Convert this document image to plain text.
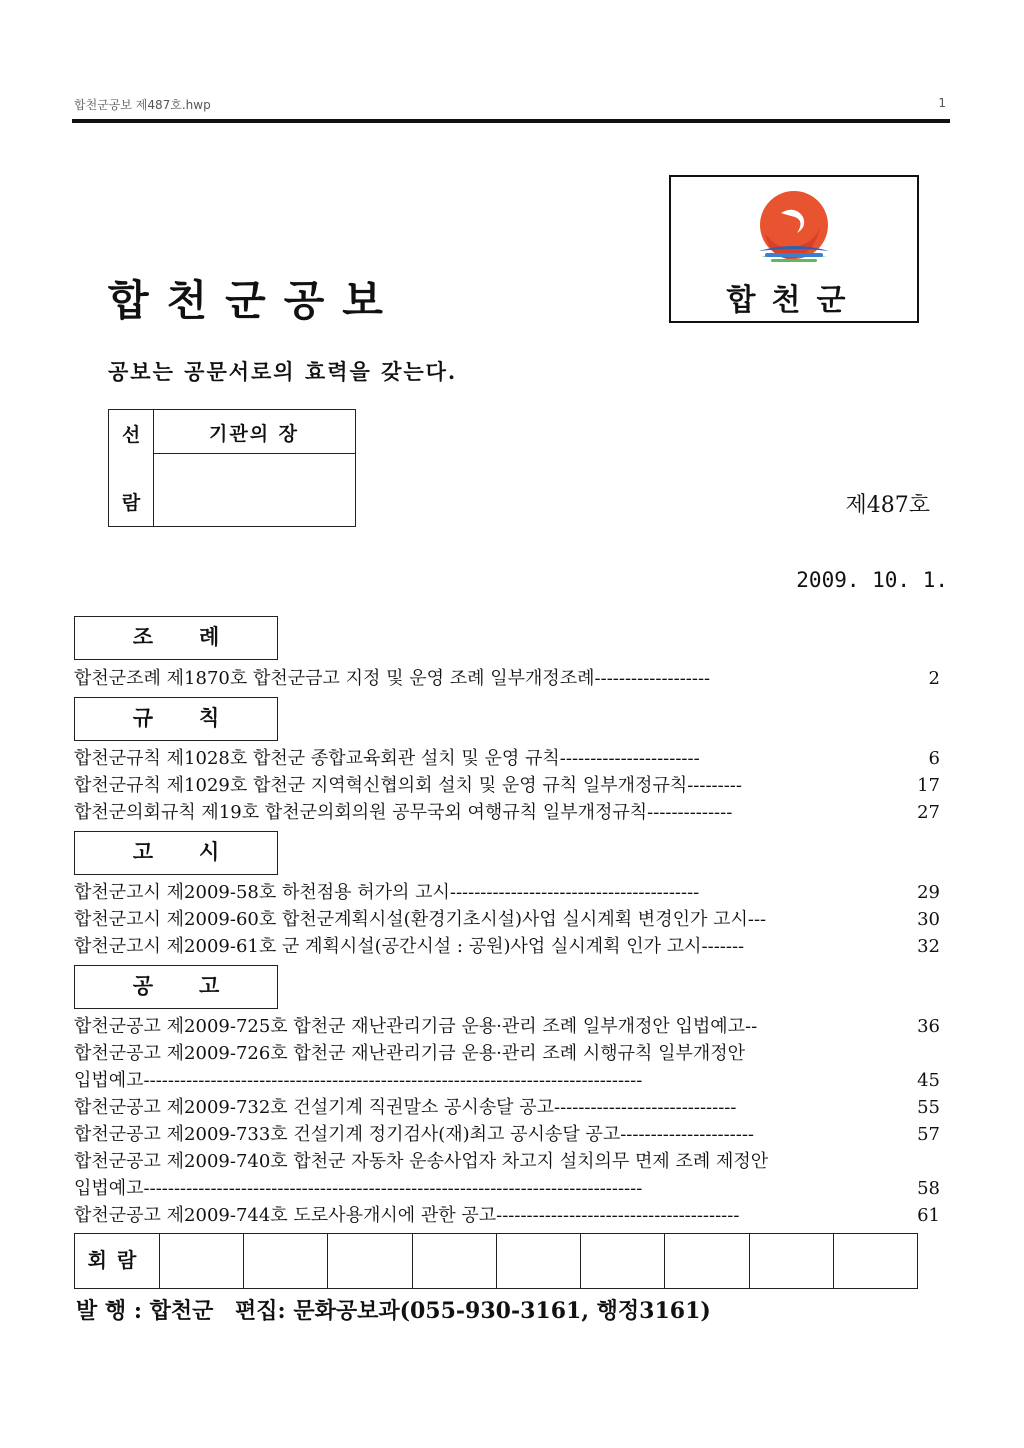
합천군공보 제487호.hwp	1
합천군공보	합천군
공보는 공문서로의 효력을 갖는다.
선
람
기관의 장
제487호
2009. 10. 1.
조례
합천군조례 제1870호 합천군금고 지정 및 운영 조례 일부개정조례-------------------	2
규칙
합천군규칙 제1028호 합천군 종합교육회관 설치 및 운영 규칙-----------------------	6
합천군규칙 제1029호 합천군 지역혁신협의회 설치 및 운영 규칙 일부개정규칙---------	17
합천군의회규칙 제19호 합천군의회의원 공무국외 여행규칙 일부개정규칙--------------	27
고시
합천군고시 제2009-58호 하천점용 허가의 고시-----------------------------------------	29
합천군고시 제2009-60호 합천군계획시설(환경기초시설)사업 실시계획 변경인가 고시---	30
합천군고시 제2009-61호 군 계획시설(공간시설 : 공원)사업 실시계획 인가 고시-------	32
공고
합천군공고 제2009-725호 합천군 재난관리기금 운용·관리 조례 일부개정안 입법예고--	36
합천군공고 제2009-726호 합천군 재난관리기금 운용·관리 조례 시행규칙 일부개정안
입법예고----------------------------------------------------------------------------------	45
합천군공고 제2009-732호 건설기계 직권말소 공시송달 공고------------------------------	55
합천군공고 제2009-733호 건설기계 정기검사(재)최고 공시송달 공고----------------------	57
합천군공고 제2009-740호 합천군 자동차 운송사업자 차고지 설치의무 면제 조례 제정안
입법예고----------------------------------------------------------------------------------	58
합천군공고 제2009-744호 도로사용개시에 관한 공고----------------------------------------	61
회람
발 행 : 합천군 편집: 문화공보과(055-930-3161, 행정3161)
